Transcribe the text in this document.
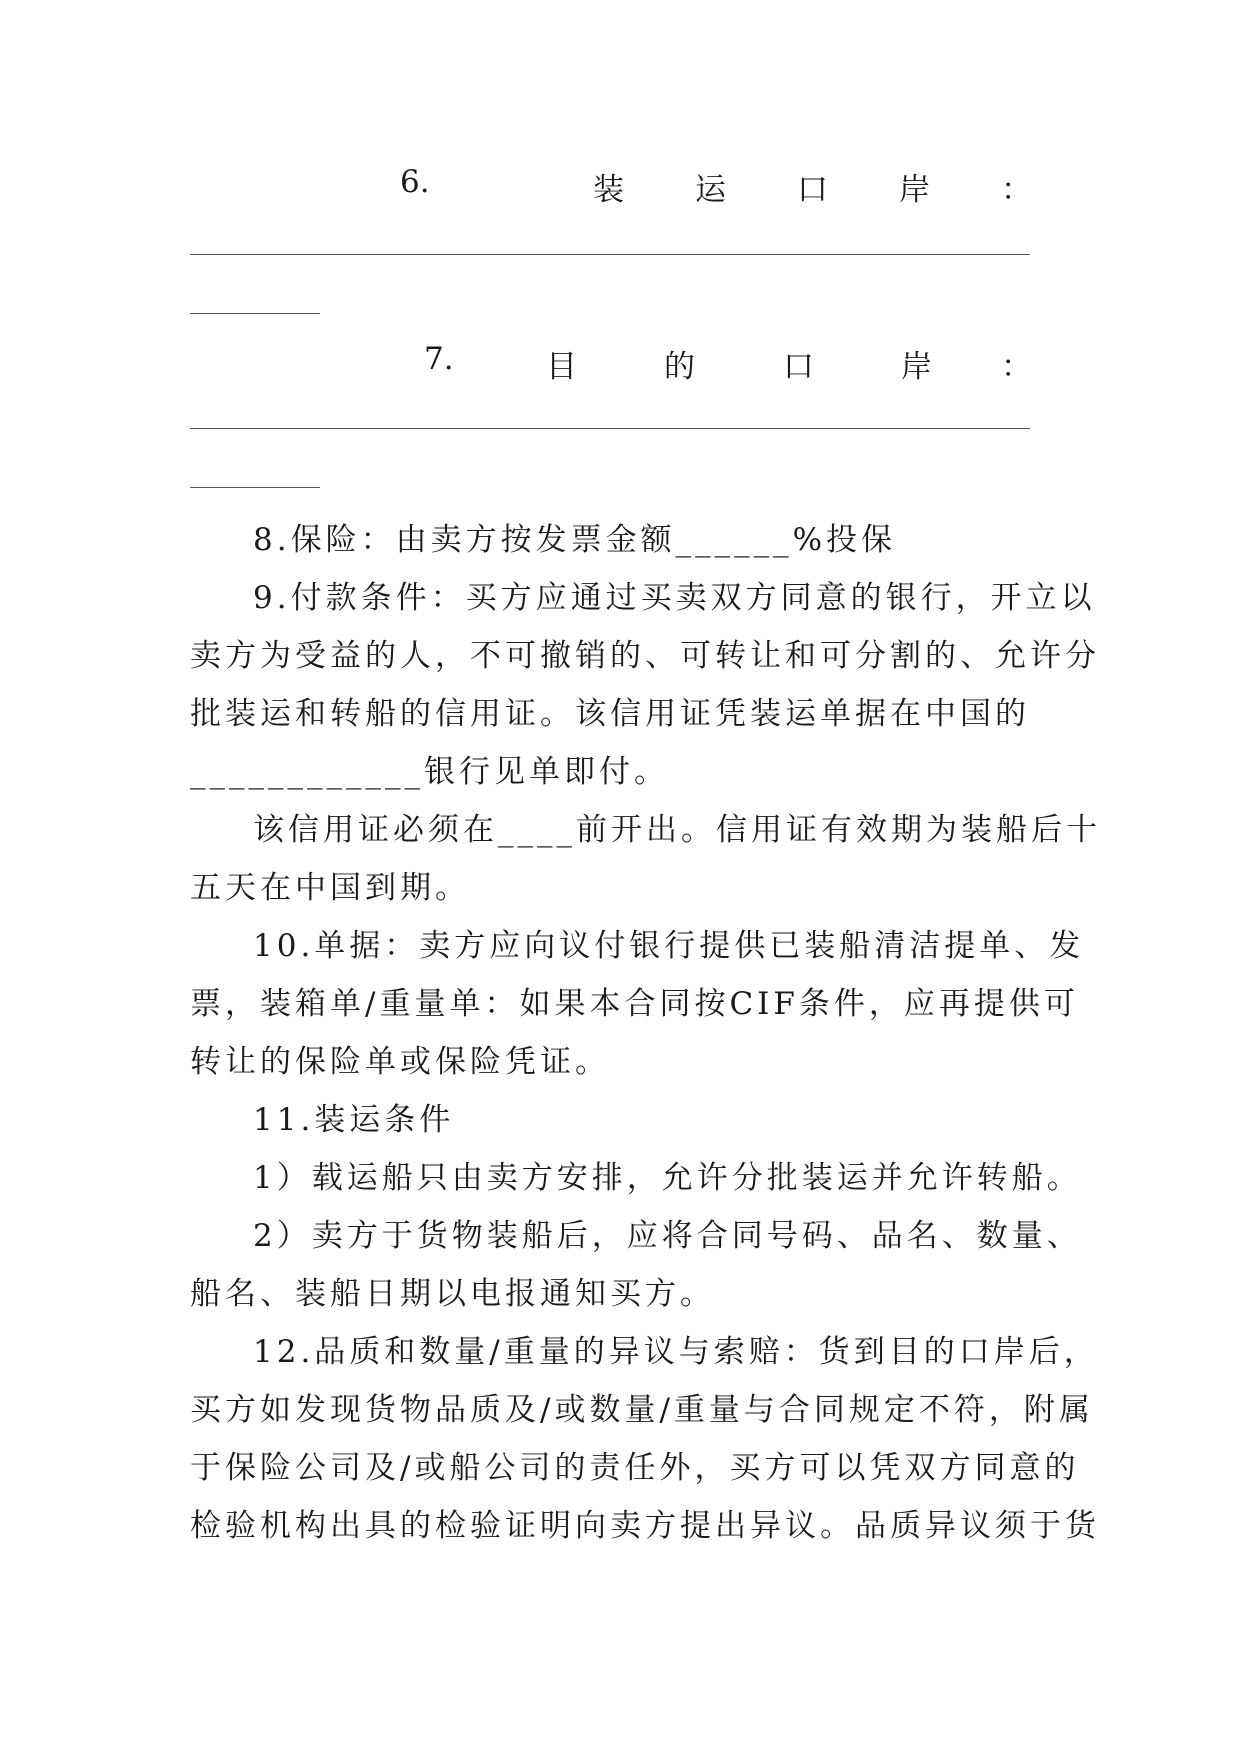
6.	装 运 口 岸 ：
7.	目	的	口	岸 ：
8.保险：由卖方按发票金额______%投保
9.付款条件：买方应通过买卖双方同意的银行，开立以
卖方为受益的人，不可撤销的、可转让和可分割的、允许分
批装运和转船的信用证。该信用证凭装运单据在中国的
____________银行见单即付。
该信用证必须在____前开出。信用证有效期为装船后十
五天在中国到期。
10.单据：卖方应向议付银行提供已装船清洁提单、发
票，装箱单/重量单：如果本合同按CIF条件，应再提供可
转让的保险单或保险凭证。
11.装运条件
1）载运船只由卖方安排，允许分批装运并允许转船。
2）卖方于货物装船后，应将合同号码、品名、数量、
船名、装船日期以电报通知买方。
12.品质和数量/重量的异议与索赔：货到目的口岸后，
买方如发现货物品质及/或数量/重量与合同规定不符，附属
于保险公司及/或船公司的责任外，买方可以凭双方同意的
检验机构出具的检验证明向卖方提出异议。品质异议须于货
